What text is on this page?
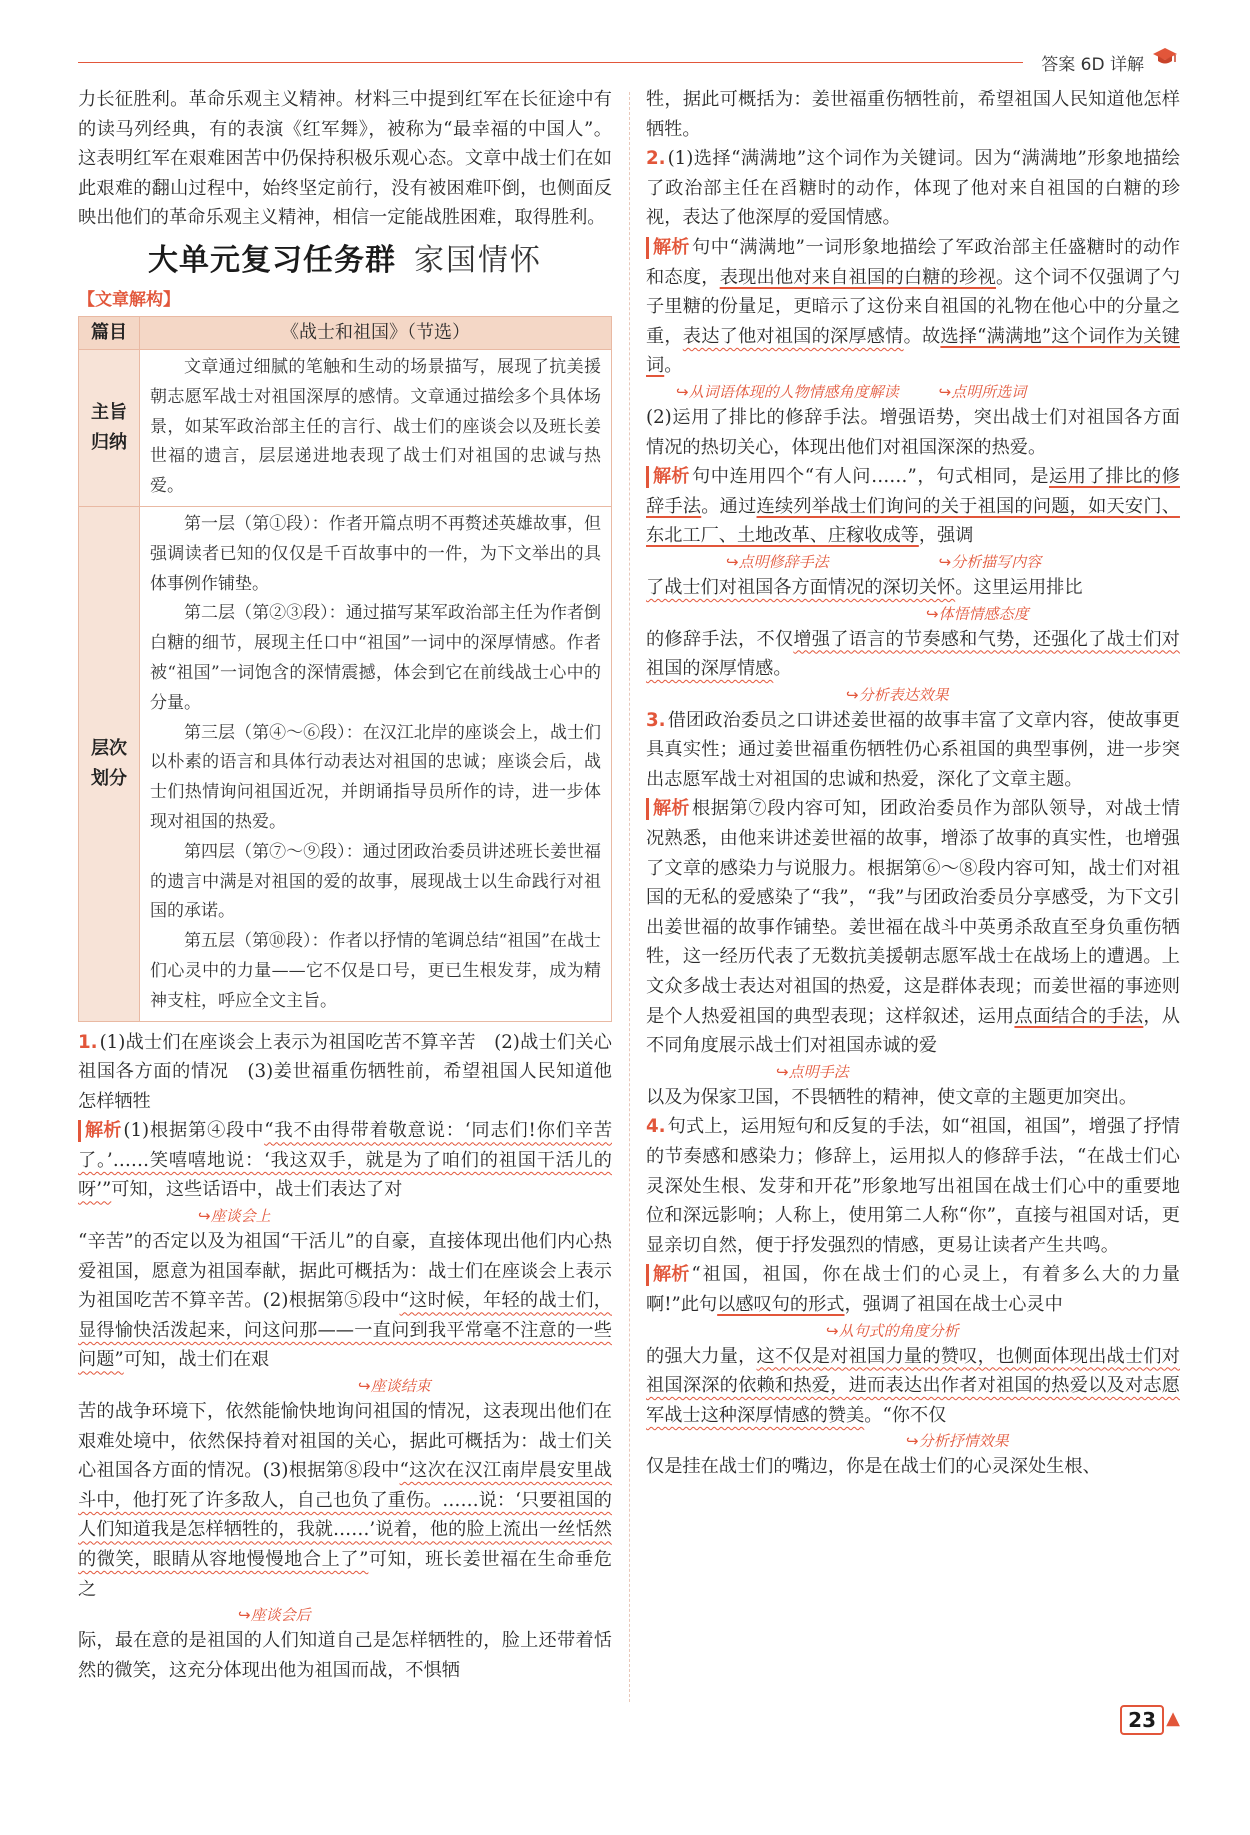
答案 6D 详解

力长征胜利。革命乐观主义精神。材料三中提到红军在长征途中有的读马列经典，有的表演《红军舞》，被称为“最幸福的中国人”。这表明红军在艰难困苦中仍保持积极乐观心态。文章中战士们在如此艰难的翻山过程中，始终坚定前行，没有被困难吓倒，也侧面反映出他们的革命乐观主义精神，相信一定能战胜困难，取得胜利。

大单元复习任务群 家国情怀
【文章解构】
篇目	《战士和祖国》（节选）
主旨归纳	文章通过细腻的笔触和生动的场景描写，展现了抗美援朝志愿军战士对祖国深厚的感情。文章通过描绘多个具体场景，如某军政治部主任的言行、战士们的座谈会以及班长姜世福的遗言，层层递进地表现了战士们对祖国的忠诚与热爱。

层次划分	第一层（第①段）：作者开篇点明不再赘述英雄故事，但强调读者已知的仅仅是千百故事中的一件，为下文举出的具体事例作铺垫。

第二层（第②③段）：通过描写某军政治部主任为作者倒白糖的细节，展现主任口中“祖国”一词中的深厚情感。作者被“祖国”一词饱含的深情震撼，体会到它在前线战士心中的分量。

第三层（第④～⑥段）：在汉江北岸的座谈会上，战士们以朴素的语言和具体行动表达对祖国的忠诚；座谈会后，战士们热情询问祖国近况，并朗诵指导员所作的诗，进一步体现对祖国的热爱。

第四层（第⑦～⑨段）：通过团政治委员讲述班长姜世福的遗言中满是对祖国的爱的故事，展现战士以生命践行对祖国的承诺。

第五层（第⑩段）：作者以抒情的笔调总结“祖国”在战士们心灵中的力量——它不仅是口号，更已生根发芽，成为精神支柱，呼应全文主旨。

1. (1)战士们在座谈会上表示为祖国吃苦不算辛苦　(2)战士们关心祖国各方面的情况　(3)姜世福重伤牺牲前，希望祖国人民知道他怎样牺牲

解析 (1)根据第④段中“我不由得带着敬意说：‘同志们!你们辛苦了。’……笑嘻嘻地说：‘我这双手，就是为了咱们的祖国干活儿的呀’”可知，这些话语中，战士们表达了对

↪座谈会上

“辛苦”的否定以及为祖国“干活儿”的自豪，直接体现出他们内心热爱祖国，愿意为祖国奉献，据此可概括为：战士们在座谈会上表示为祖国吃苦不算辛苦。(2)根据第⑤段中“这时候，年轻的战士们，显得愉快活泼起来，问这问那——一直问到我平常毫不注意的一些问题”可知，战士们在艰

↪座谈结束

苦的战争环境下，依然能愉快地询问祖国的情况，这表现出他们在艰难处境中，依然保持着对祖国的关心，据此可概括为：战士们关心祖国各方面的情况。(3)根据第⑧段中“这次在汉江南岸晨安里战斗中，他打死了许多敌人，自己也负了重伤。……说：‘只要祖国的人们知道我是怎样牺牲的，我就……’说着，他的脸上流出一丝恬然的微笑，眼睛从容地慢慢地合上了”可知，班长姜世福在生命垂危之

↪座谈会后

际，最在意的是祖国的人们知道自己是怎样牺牲的，脸上还带着恬然的微笑，这充分体现出他为祖国而战，不惧牺

牲，据此可概括为：姜世福重伤牺牲前，希望祖国人民知道他怎样牺牲。

2. (1)选择“满满地”这个词作为关键词。因为“满满地”形象地描绘了政治部主任在舀糖时的动作，体现了他对来自祖国的白糖的珍视，表达了他深厚的爱国情感。

解析 句中“满满地”一词形象地描绘了军政治部主任盛糖时的动作和态度，表现出他对来自祖国的白糖的珍视。这个词不仅强调了勺子里糖的份量足，更暗示了这份来自祖国的礼物在他心中的分量之重，表达了他对祖国的深厚感情。故选择“满满地”这个词作为关键词。

↪从词语体现的人物情感角度解读	↪点明所选词

(2)运用了排比的修辞手法。增强语势，突出战士们对祖国各方面情况的热切关心，体现出他们对祖国深深的热爱。

解析 句中连用四个“有人问……”，句式相同，是运用了排比的修辞手法。通过连续列举战士们询问的关于祖国的问题，如天安门、东北工厂、土地改革、庄稼收成等，强调

↪点明修辞手法	↪分析描写内容

了战士们对祖国各方面情况的深切关怀。这里运用排比

↪体悟情感态度

的修辞手法，不仅增强了语言的节奏感和气势，还强化了战士们对祖国的深厚情感。

↪分析表达效果

3. 借团政治委员之口讲述姜世福的故事丰富了文章内容，使故事更具真实性；通过姜世福重伤牺牲仍心系祖国的典型事例，进一步突出志愿军战士对祖国的忠诚和热爱，深化了文章主题。

解析 根据第⑦段内容可知，团政治委员作为部队领导，对战士情况熟悉，由他来讲述姜世福的故事，增添了故事的真实性，也增强了文章的感染力与说服力。根据第⑥～⑧段内容可知，战士们对祖国的无私的爱感染了“我”，“我”与团政治委员分享感受，为下文引出姜世福的故事作铺垫。姜世福在战斗中英勇杀敌直至身负重伤牺牲，这一经历代表了无数抗美援朝志愿军战士在战场上的遭遇。上文众多战士表达对祖国的热爱，这是群体表现；而姜世福的事迹则是个人热爱祖国的典型表现；这样叙述，运用点面结合的手法，从不同角度展示战士们对祖国赤诚的爱

↪点明手法

以及为保家卫国，不畏牺牲的精神，使文章的主题更加突出。

4. 句式上，运用短句和反复的手法，如“祖国，祖国”，增强了抒情的节奏感和感染力；修辞上，运用拟人的修辞手法，“在战士们心灵深处生根、发芽和开花”形象地写出祖国在战士们心中的重要地位和深远影响；人称上，使用第二人称“你”，直接与祖国对话，更显亲切自然，便于抒发强烈的情感，更易让读者产生共鸣。

解析 “祖国，祖国，你在战士们的心灵上，有着多么大的力量啊!”此句以感叹句的形式，强调了祖国在战士心灵中

↪从句式的角度分析

的强大力量，这不仅是对祖国力量的赞叹，也侧面体现出战士们对祖国深深的依赖和热爱，进而表达出作者对祖国的热爱以及对志愿军战士这种深厚情感的赞美。“你不仅

↪分析抒情效果

仅是挂在战士们的嘴边，你是在战士们的心灵深处生根、

23 ▲
